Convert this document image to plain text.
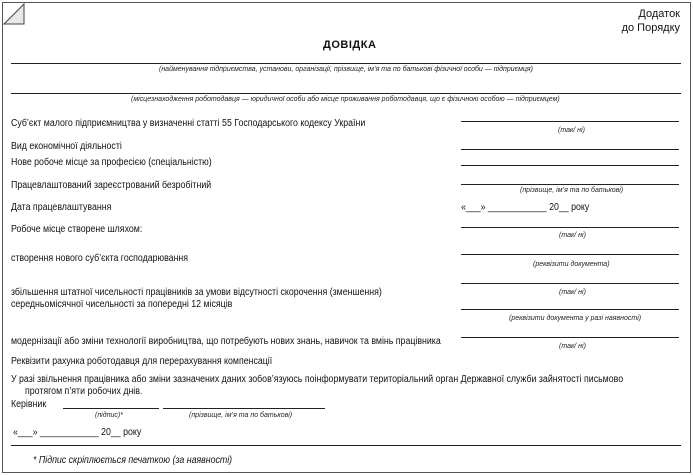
Додаток
до Порядку
ДОВІДКА
(найменування підприємства, установи, організації, прізвище, ім’я та по батькові фізичної особи — підприємця)
(місцезнаходження роботодавця — юридичної особи або місце проживання роботодавця, що є фізичною особою — підприємцем)
Суб’єкт малого підприємництва у визначенні статті 55 Господарського кодексу України
(так/ ні)
Вид економічної діяльності
Нове робоче місце за професією (спеціальністю)
Працевлаштований зареєстрований безробітний	(прізвище, ім’я та по батькові)
Дата працевлаштування	«___» ____________ 20__ року
Робоче місце створене шляхом:
(так/ ні)
створення нового суб’єкта господарювання
(реквізити документа)
збільшення штатної чисельності працівників за умови відсутності скорочення (зменшення)	(так/ ні)
середньомісячної чисельності за попередні 12 місяців
(реквізити документа у разі наявності)
модернізації або зміни технології виробництва, що потребують нових знань, навичок та вмінь працівника	(так/ ні)
Реквізити рахунка роботодавця для перерахування компенсації
У разі звільнення працівника або зміни зазначених даних зобов’язуюсь поінформувати територіальний орган Державної служби зайнятості письмово
протягом п’яти робочих днів.
Керівник
(підпис)*	(прізвище, ім’я та по батькові)
«___» ____________ 20__ року
* Підпис скріплюється печаткою (за наявності)
